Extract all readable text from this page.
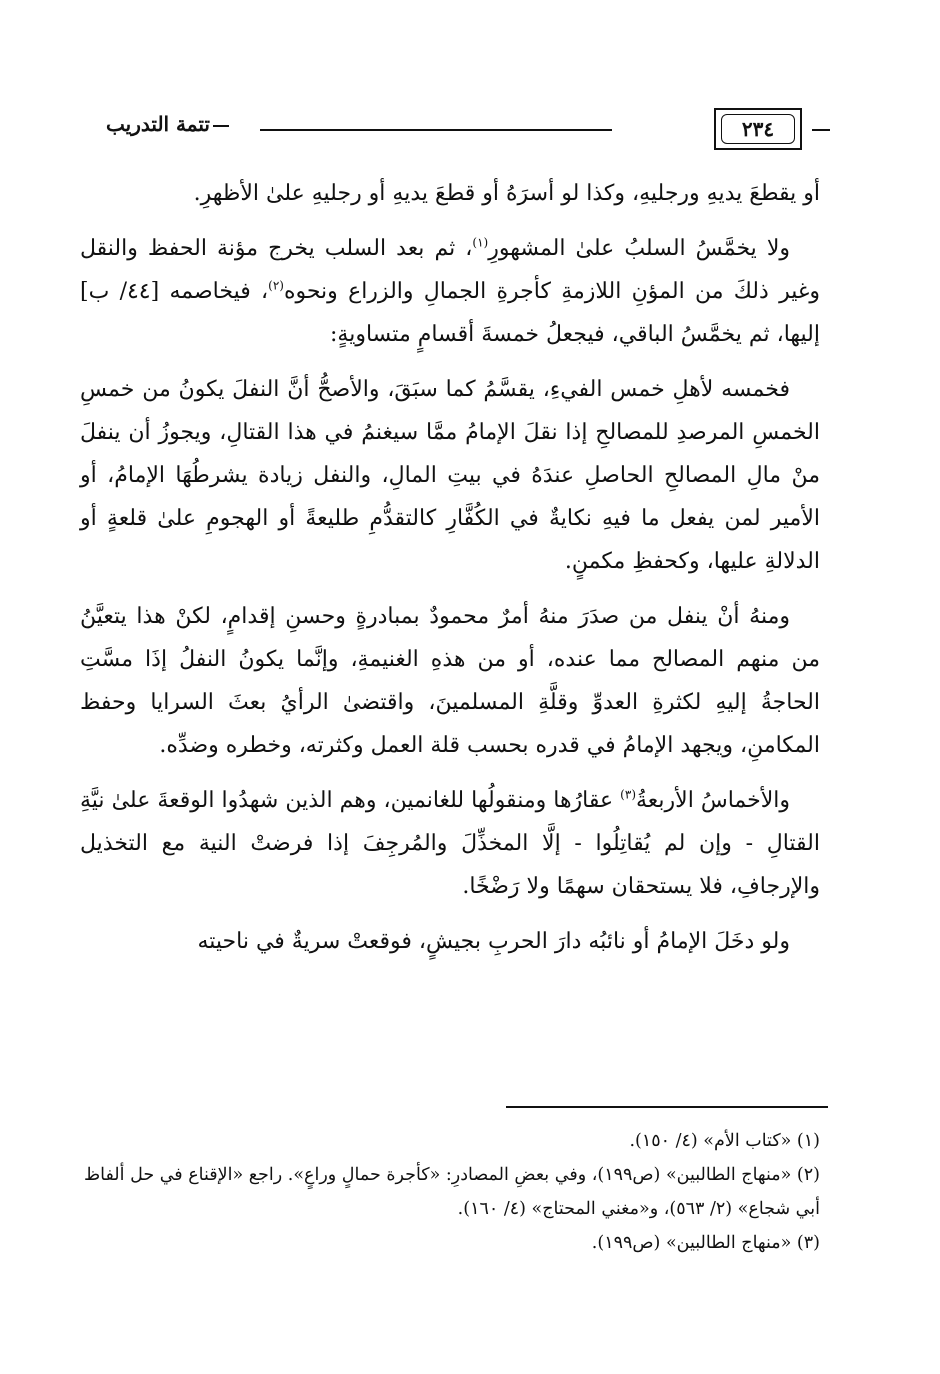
تتمة التدريب	٢٣٤

أو يقطعَ يديهِ ورجليهِ، وكذا لو أسرَهُ أو قطعَ يديهِ أو رجليهِ علىٰ الأظهرِ.

ولا يخمَّسُ السلبُ علىٰ المشهورِ$^{(١)}$، ثم بعد السلب يخرج مؤنة الحفظ والنقل وغير ذلكَ من المؤنِ اللازمةِ كأجرةِ الجمالِ والزراع ونحوه$^{(٢)}$، فيخاصمه [٤٤/ ب] إليها، ثم يخمَّسُ الباقي، فيجعلُ خمسةَ أقسامٍ متساويةٍ:

فخمسه لأهلِ خمس الفيءِ، يقسَّمُ كما سبَقَ، والأصحُّ أنَّ النفلَ يكونُ من خمسِ الخمسِ المرصدِ للمصالحِ إذا نقلَ الإمامُ ممَّا سيغنمُ في هذا القتالِ، ويجوزُ أن ينفلَ منْ مالِ المصالحِ الحاصلِ عندَهُ في بيتِ المالِ، والنفل زيادة يشرطُهَا الإمامُ، أو الأمير لمن يفعل ما فيهِ نكايةٌ في الكُفَّارِ كالتقدُّمِ طليعةً أو الهجومِ علىٰ قلعةٍ أو الدلالةِ عليها، وكحفظِ مكمنٍ.

ومنهُ أنْ ينفل من صدَرَ منهُ أمرٌ محمودٌ بمبادرةٍ وحسنِ إقدامٍ، لكنْ هذا يتعيَّنُ من منهم المصالح مما عنده، أو من هذهِ الغنيمةِ، وإنَّما يكونُ النفلُ إذَا مسَّتِ الحاجةُ إليهِ لكثرةِ العدوِّ وقلَّةِ المسلمينَ، واقتضىٰ الرأيُ بعثَ السرايا وحفظ المكامنِ، ويجهد الإمامُ في قدره بحسب قلة العمل وكثرته، وخطره وضدِّه.

والأخماسُ الأربعةُ$^{(٣)}$ عقارُها ومنقولُها للغانمين، وهم الذين شهدُوا الوقعةَ علىٰ نيَّةِ القتالِ - وإن لم يُقاتِلُوا - إلَّا المخذِّلَ والمُرجِفَ إذا فرضتْ النية مع التخذيل والإرجافِ، فلا يستحقان سهمًا ولا رَضْخًا.

ولو دخَلَ الإمامُ أو نائبُه دارَ الحربِ بجيشٍ، فوقعتْ سريةٌ في ناحيته

(١) «كتاب الأم» (٤/ ١٥٠).
(٢) «منهاج الطالبين» (ص١٩٩)، وفي بعضِ المصادرِ: «كأجرة حمالٍ وراعٍ». راجع «الإقناع في حل ألفاظ أبي شجاع» (٢/ ٥٦٣)، و«مغني المحتاج» (٤/ ١٦٠).
(٣) «منهاج الطالبين» (ص١٩٩).
